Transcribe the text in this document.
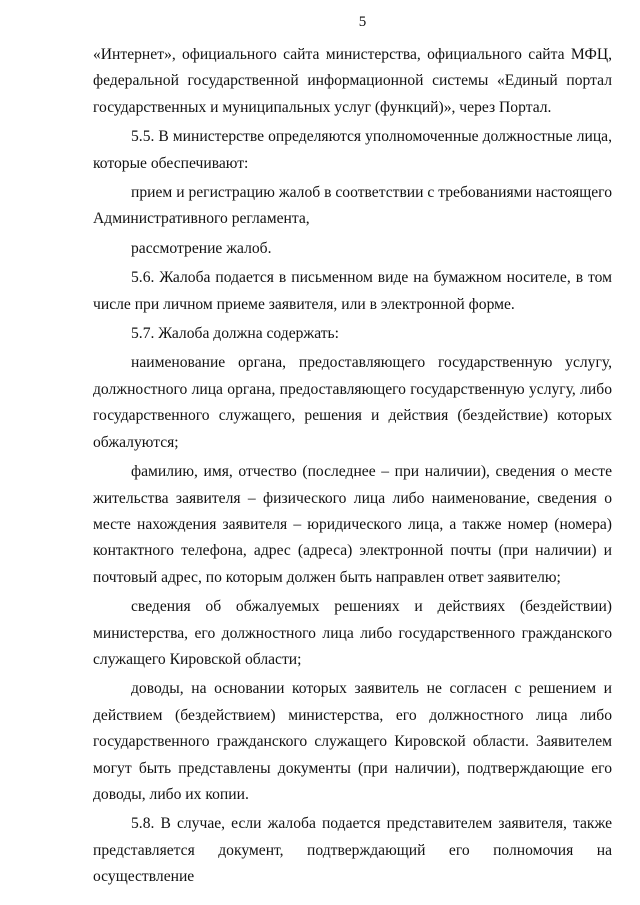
5

«Интернет», официального сайта министерства, официального сайта МФЦ, федеральной государственной информационной системы «Единый портал государственных и муниципальных услуг (функций)», через Портал.

5.5. В министерстве определяются уполномоченные должностные лица, которые обеспечивают:

прием и регистрацию жалоб в соответствии с требованиями настоящего Административного регламента,

рассмотрение жалоб.

5.6. Жалоба подается в письменном виде на бумажном носителе, в том числе при личном приеме заявителя, или в электронной форме.

5.7. Жалоба должна содержать:

наименование органа, предоставляющего государственную услугу, должностного лица органа, предоставляющего государственную услугу, либо государственного служащего, решения и действия (бездействие) которых обжалуются;

фамилию, имя, отчество (последнее – при наличии), сведения о месте жительства заявителя – физического лица либо наименование, сведения о месте нахождения заявителя – юридического лица, а также номер (номера) контактного телефона, адрес (адреса) электронной почты (при наличии) и почтовый адрес, по которым должен быть направлен ответ заявителю;

сведения об обжалуемых решениях и действиях (бездействии) министерства, его должностного лица либо государственного гражданского служащего Кировской области;

доводы, на основании которых заявитель не согласен с решением и действием (бездействием) министерства, его должностного лица либо государственного гражданского служащего Кировской области. Заявителем могут быть представлены документы (при наличии), подтверждающие его доводы, либо их копии.

5.8. В случае, если жалоба подается представителем заявителя, также представляется документ, подтверждающий его полномочия на осуществление
